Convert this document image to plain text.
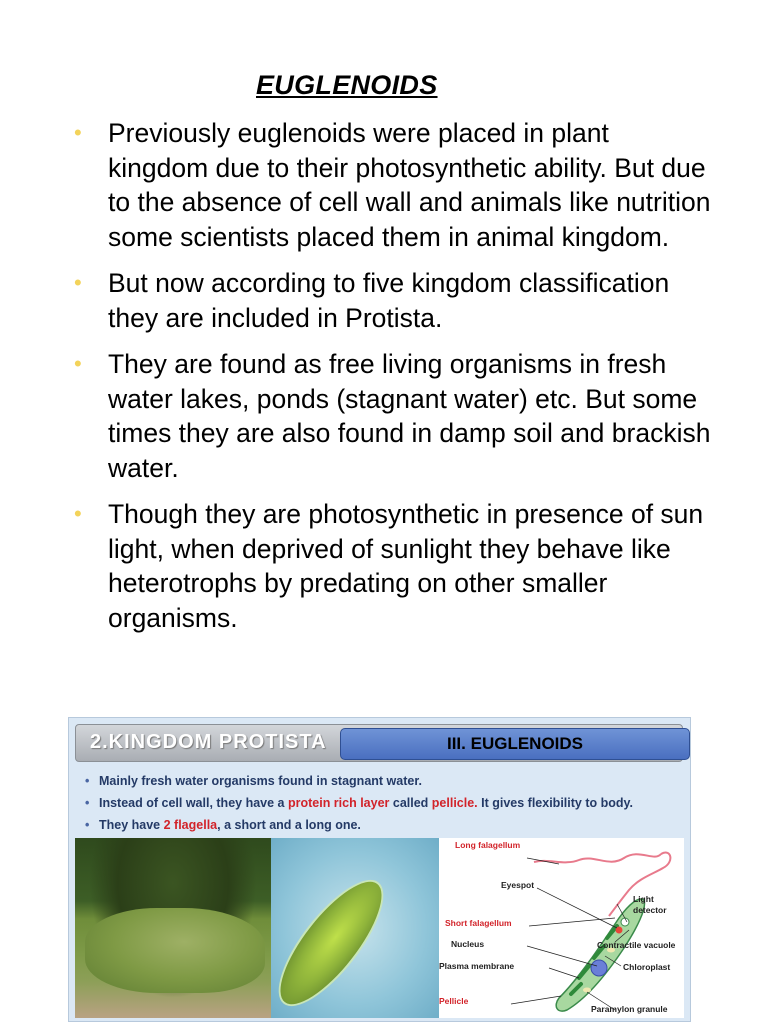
EUGLENOIDS
• Previously euglenoids were placed in plant kingdom due to their photosynthetic ability. But due to the absence of cell wall and animals like nutrition some scientists placed them in animal kingdom.
• But now according to five kingdom classification they are included in Protista.
• They are found as free living organisms in fresh water lakes, ponds (stagnant water) etc. But some times they are also found in damp soil and brackish water.
• Though they are photosynthetic in presence of sun light, when deprived of sunlight they behave like heterotrophs by predating on other smaller organisms.
2.KINGDOM PROTISTA	III. EUGLENOIDS
• Mainly fresh water organisms found in stagnant water.
• Instead of cell wall, they have a protein rich layer called pellicle. It gives flexibility to body.
• They have 2 flagella, a short and a long one.
Long falagellum
Eyespot
Light
detector
Short falagellum
Nucleus	Contractile vacuole
Plasma membrane	Chloroplast
Pellicle
Paramylon granule
